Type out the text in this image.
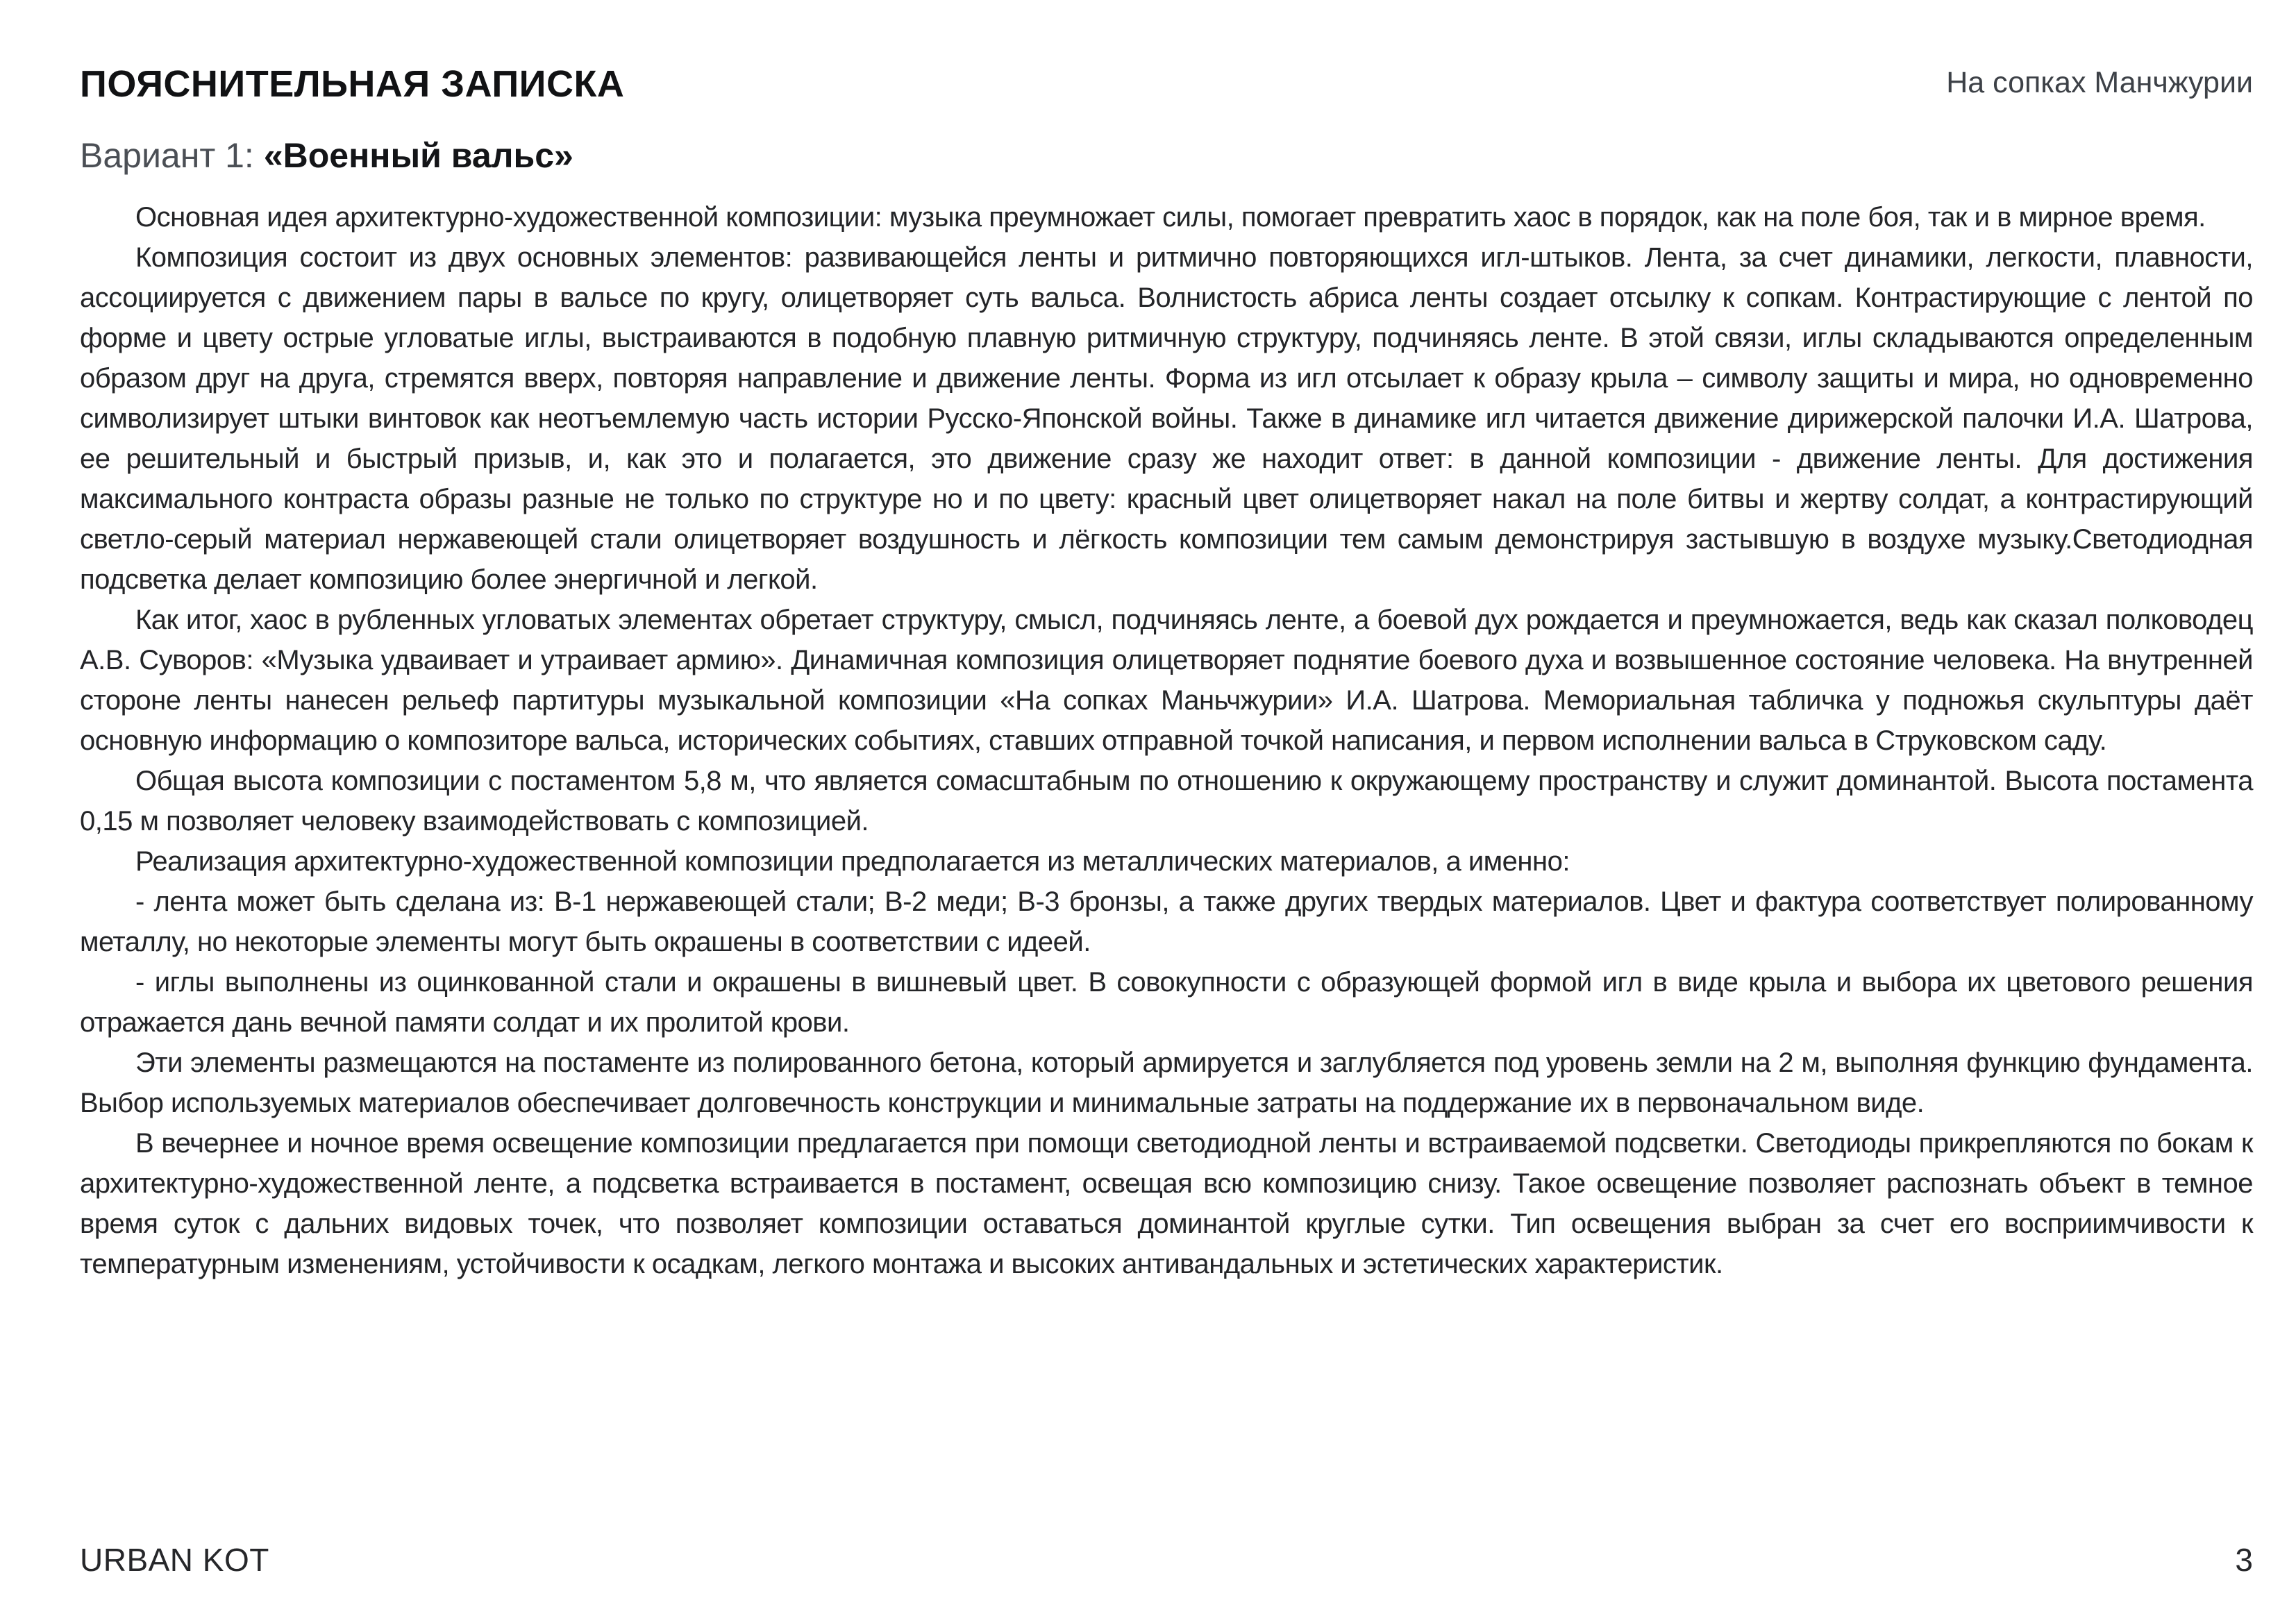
ПОЯСНИТЕЛЬНАЯ ЗАПИСКА	На сопках Манчжурии
Вариант 1: «Военный вальс»

Основная идея архитектурно-художественной композиции: музыка преумножает силы, помогает превратить хаос в порядок, как на поле боя, так и в мирное время.

Композиция состоит из двух основных элементов: развивающейся ленты и ритмично повторяющихся игл-штыков. Лента, за счет динамики, легкости, плавности, ассоциируется с движением пары в вальсе по кругу, олицетворяет суть вальса. Волнистость абриса ленты создает отсылку к сопкам. Контрастирующие с лентой по форме и цвету острые угловатые иглы, выстраиваются в подобную плавную ритмичную структуру, подчиняясь ленте. В этой связи, иглы складываются определенным образом друг на друга, стремятся вверх, повторяя направление и движение ленты. Форма из игл отсылает к образу крыла – символу защиты и мира, но одновременно символизирует штыки винтовок как неотъемлемую часть истории Русско-Японской войны. Также в динамике игл читается движение дирижерской палочки И.А. Шатрова, ее решительный и быстрый призыв, и, как это и полагается, это движение сразу же находит ответ: в данной композиции - движение ленты. Для достижения максимального контраста образы разные не только по структуре но и по цвету: красный цвет олицетворяет накал на поле битвы и жертву солдат, а контрастирующий светло-серый материал нержавеющей стали олицетворяет воздушность и лёгкость композиции тем самым демонстрируя застывшую в воздухе музыку.Светодиодная подсветка делает композицию более энергичной и легкой.

Как итог, хаос в рубленных угловатых элементах обретает структуру, смысл, подчиняясь ленте, а боевой дух рождается и преумножается, ведь как сказал полководец А.В. Суворов: «Музыка удваивает и утраивает армию». Динамичная композиция олицетворяет поднятие боевого духа и возвышенное состояние человека. На внутренней стороне ленты нанесен рельеф партитуры музыкальной композиции «На сопках Маньчжурии» И.А. Шатрова. Мемориальная табличка у подножья скульптуры даёт основную информацию о композиторе вальса, исторических событиях, ставших отправной точкой написания, и первом исполнении вальса в Струковском саду.

Общая высота композиции с постаментом 5,8 м, что является сомасштабным по отношению к окружающему пространству и служит доминантой. Высота постамента 0,15 м позволяет человеку взаимодействовать с композицией.

Реализация архитектурно-художественной композиции предполагается из металлических материалов, а именно:

- лента может быть сделана из: В-1 нержавеющей стали; В-2 меди; В-3 бронзы, а также других твердых материалов. Цвет и фактура соответствует полированному металлу, но некоторые элементы могут быть окрашены в соответствии с идеей.

- иглы выполнены из оцинкованной стали и окрашены в вишневый цвет. В совокупности с образующей формой игл в виде крыла и выбора их цветового решения отражается дань вечной памяти солдат и их пролитой крови.

Эти элементы размещаются на постаменте из полированного бетона, который армируется и заглубляется под уровень земли на 2 м, выполняя функцию фундамента. Выбор используемых материалов обеспечивает долговечность конструкции и минимальные затраты на поддержание их в первоначальном виде.

В вечернее и ночное время освещение композиции предлагается при помощи светодиодной ленты и встраиваемой подсветки. Светодиоды прикрепляются по бокам к архитектурно-художественной ленте, а подсветка встраивается в постамент, освещая всю композицию снизу. Такое освещение позволяет распознать объект в темное время суток с дальних видовых точек, что позволяет композиции оставаться доминантой круглые сутки. Тип освещения выбран за счет его восприимчивости к температурным изменениям, устойчивости к осадкам, легкого монтажа и высоких антивандальных и эстетических характеристик.

URBAN KOT	3
